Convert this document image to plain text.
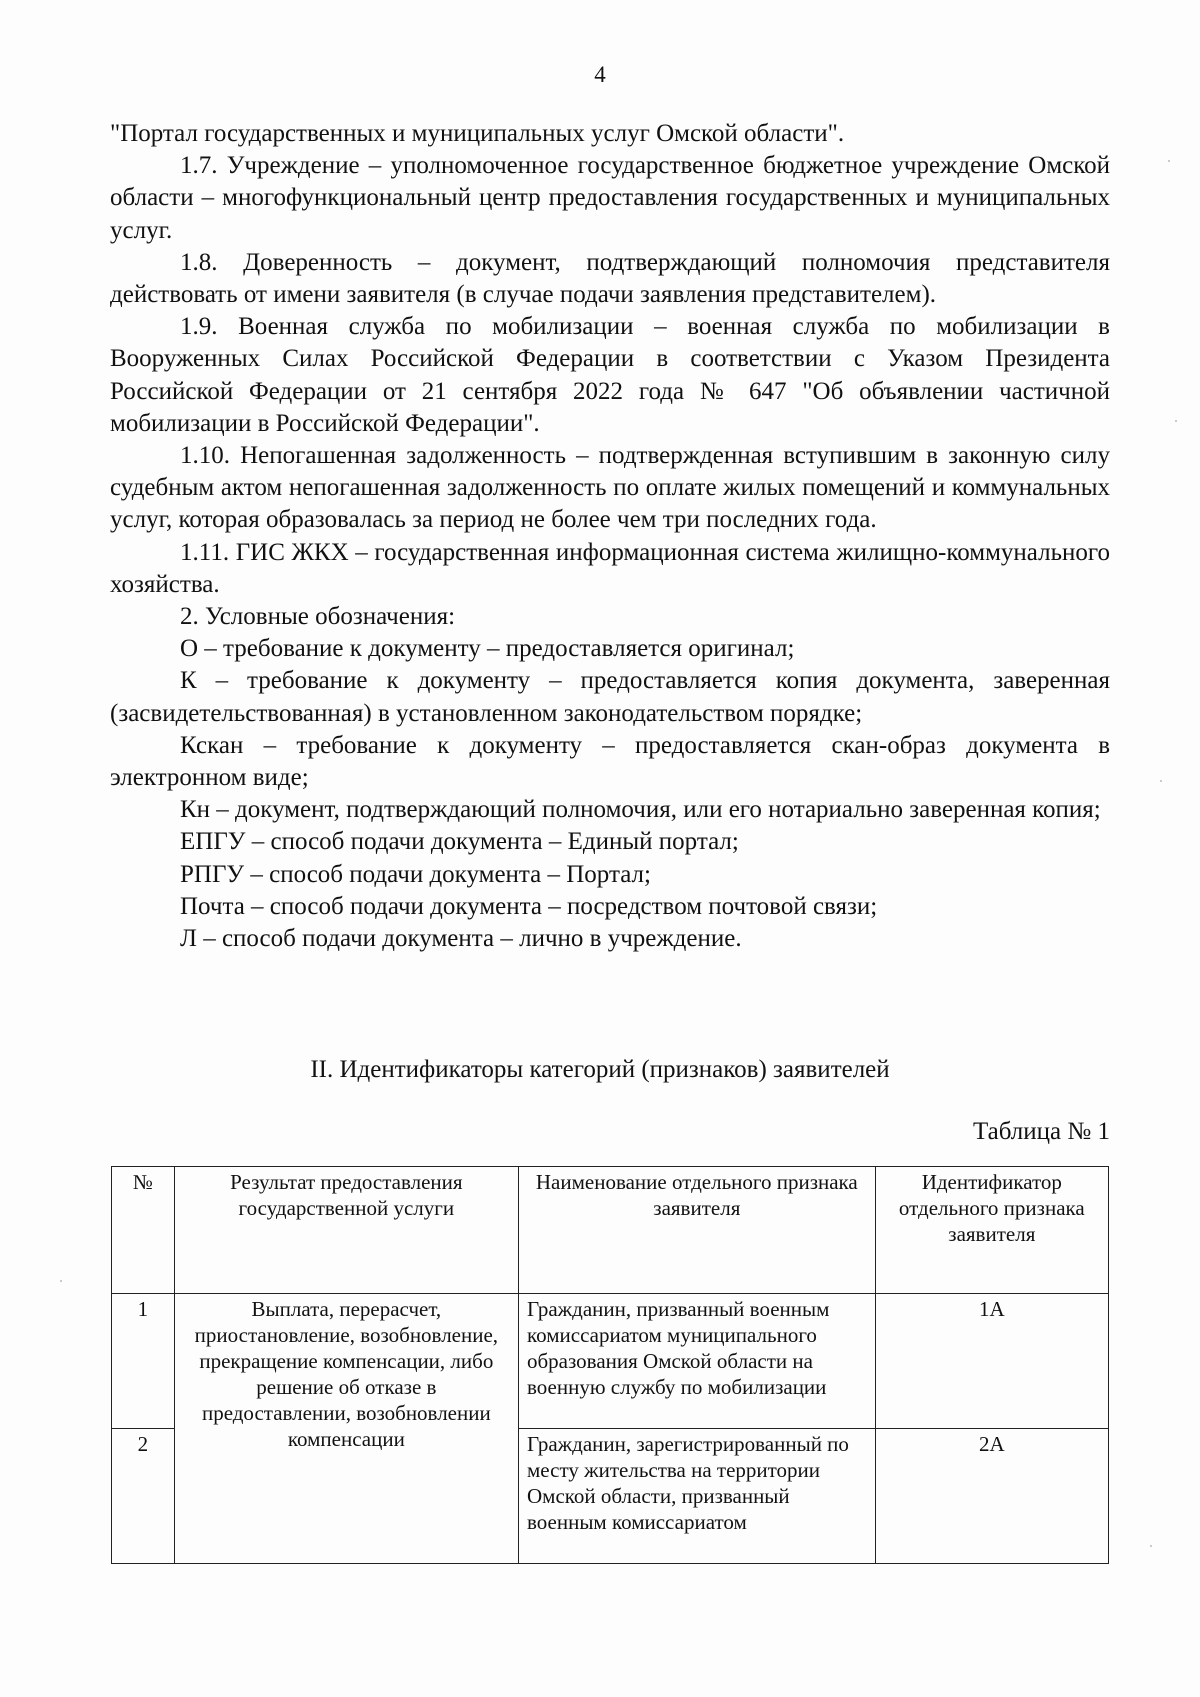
4

"Портал государственных и муниципальных услуг Омской области".

1.7. Учреждение – уполномоченное государственное бюджетное учреждение Омской области – многофункциональный центр предоставления государственных и муниципальных услуг.

1.8. Доверенность – документ, подтверждающий полномочия представителя действовать от имени заявителя (в случае подачи заявления представителем).

1.9. Военная служба по мобилизации – военная служба по мобилизации в Вооруженных Силах Российской Федерации в соответствии с Указом Президента Российской Федерации от 21 сентября 2022 года № 647 "Об объявлении частичной мобилизации в Российской Федерации".

1.10. Непогашенная задолженность – подтвержденная вступившим в законную силу судебным актом непогашенная задолженность по оплате жилых помещений и коммунальных услуг, которая образовалась за период не более чем три последних года.

1.11. ГИС ЖКХ – государственная информационная система жилищно-коммунального хозяйства.

2. Условные обозначения:

О – требование к документу – предоставляется оригинал;

К – требование к документу – предоставляется копия документа, заверенная (засвидетельствованная) в установленном законодательством порядке;

Кскан – требование к документу – предоставляется скан-образ документа в электронном виде;

Кн – документ, подтверждающий полномочия, или его нотариально заверенная копия;

ЕПГУ – способ подачи документа – Единый портал;

РПГУ – способ подачи документа – Портал;

Почта – способ подачи документа – посредством почтовой связи;

Л – способ подачи документа – лично в учреждение.

II. Идентификаторы категорий (признаков) заявителей
Таблица № 1
№	Результат предоставления государственной услуги	Наименование отдельного признака заявителя	Идентификатор отдельного признака заявителя
1	Выплата, перерасчет, приостановление, возобновление, прекращение компенсации, либо решение об отказе в предоставлении, возобновлении компенсации	Гражданин, призванный военным комиссариатом муниципального образования Омской области на военную службу по мобилизации	1А
2		Гражданин, зарегистрированный по месту жительства на территории Омской области, призванный военным комиссариатом	2А
